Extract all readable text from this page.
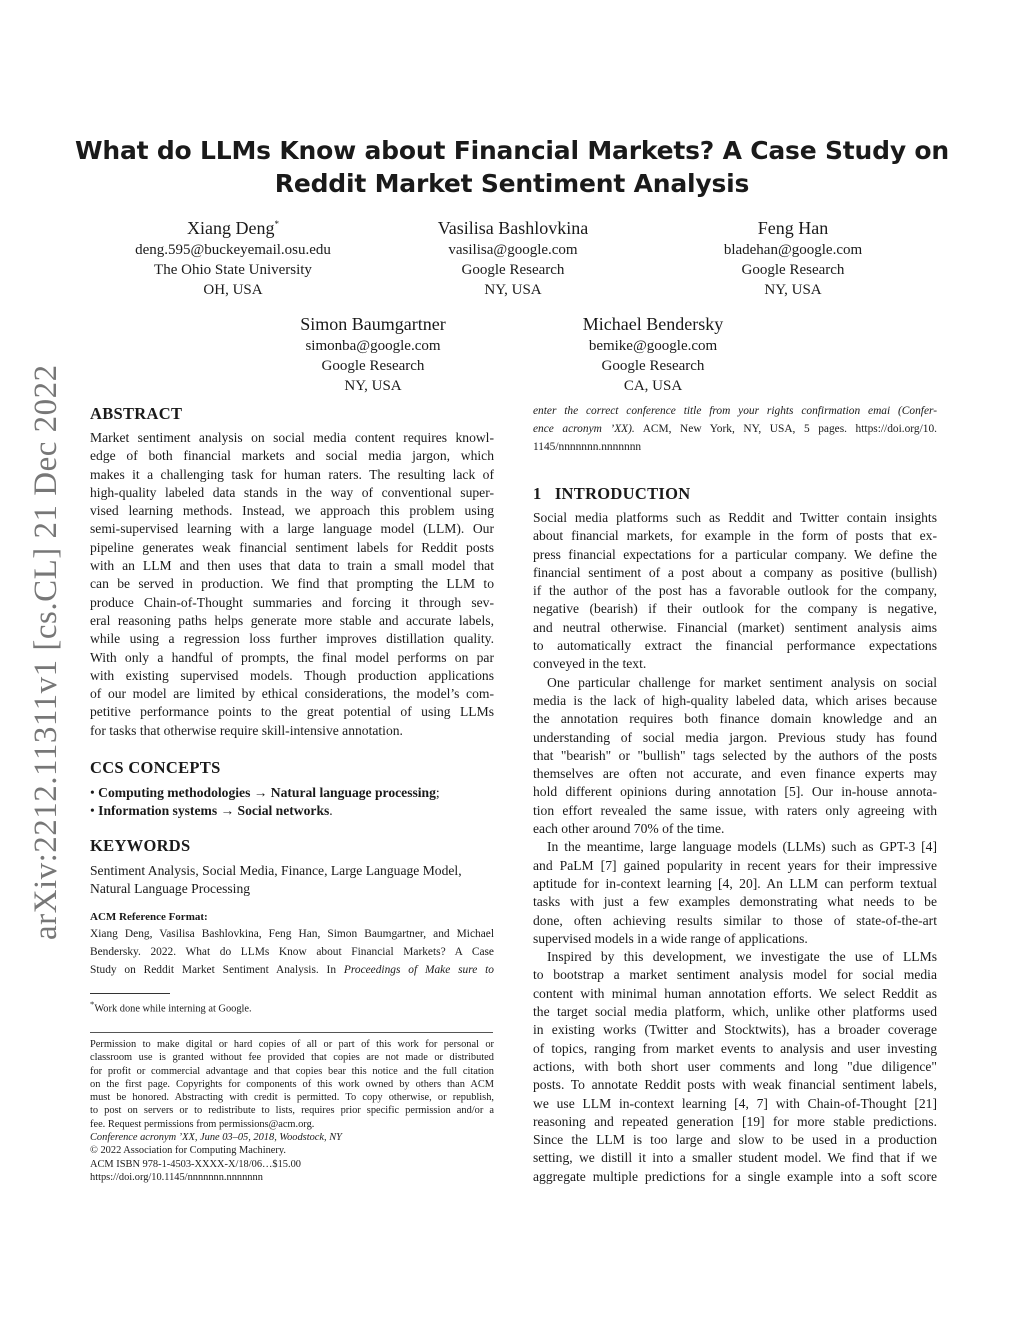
arXiv:2212.11311v1 [cs.CL] 21 Dec 2022
What do LLMs Know about Financial Markets? A Case Study on
Reddit Market Sentiment Analysis
Xiang Deng*
deng.595@buckeyemail.osu.edu
The Ohio State University
OH, USA
Vasilisa Bashlovkina
vasilisa@google.com
Google Research
NY, USA
Feng Han
bladehan@google.com
Google Research
NY, USA
Simon Baumgartner
simonba@google.com
Google Research
NY, USA
Michael Bendersky
bemike@google.com
Google Research
CA, USA
ABSTRACT
Market sentiment analysis on social media content requires knowl-
edge of both financial markets and social media jargon, which
makes it a challenging task for human raters. The resulting lack of
high-quality labeled data stands in the way of conventional super-
vised learning methods. Instead, we approach this problem using
semi-supervised learning with a large language model (LLM). Our
pipeline generates weak financial sentiment labels for Reddit posts
with an LLM and then uses that data to train a small model that
can be served in production. We find that prompting the LLM to
produce Chain-of-Thought summaries and forcing it through sev-
eral reasoning paths helps generate more stable and accurate labels,
while using a regression loss further improves distillation quality.
With only a handful of prompts, the final model performs on par
with existing supervised models. Though production applications
of our model are limited by ethical considerations, the model’s com-
petitive performance points to the great potential of using LLMs
for tasks that otherwise require skill-intensive annotation.
CCS CONCEPTS
• Computing methodologies → Natural language processing;
• Information systems → Social networks.
KEYWORDS
Sentiment Analysis, Social Media, Finance, Large Language Model,
Natural Language Processing
ACM Reference Format:
Xiang Deng, Vasilisa Bashlovkina, Feng Han, Simon Baumgartner, and Michael
Bendersky. 2022. What do LLMs Know about Financial Markets? A Case
Study on Reddit Market Sentiment Analysis. In Proceedings of Make sure to
*Work done while interning at Google.
Permission to make digital or hard copies of all or part of this work for personal or
classroom use is granted without fee provided that copies are not made or distributed
for profit or commercial advantage and that copies bear this notice and the full citation
on the first page. Copyrights for components of this work owned by others than ACM
must be honored. Abstracting with credit is permitted. To copy otherwise, or republish,
to post on servers or to redistribute to lists, requires prior specific permission and/or a
fee. Request permissions from permissions@acm.org.
Conference acronym ’XX, June 03–05, 2018, Woodstock, NY
© 2022 Association for Computing Machinery.
ACM ISBN 978-1-4503-XXXX-X/18/06…$15.00
https://doi.org/10.1145/nnnnnnn.nnnnnnn
enter the correct conference title from your rights confirmation emai (Confer-
ence acronym ’XX). ACM, New York, NY, USA, 5 pages. https://doi.org/10.
1145/nnnnnnn.nnnnnnn
1   INTRODUCTION
Social media platforms such as Reddit and Twitter contain insights
about financial markets, for example in the form of posts that ex-
press financial expectations for a particular company. We define the
financial sentiment of a post about a company as positive (bullish)
if the author of the post has a favorable outlook for the company,
negative (bearish) if their outlook for the company is negative,
and neutral otherwise. Financial (market) sentiment analysis aims
to automatically extract the financial performance expectations
conveyed in the text.
One particular challenge for market sentiment analysis on social
media is the lack of high-quality labeled data, which arises because
the annotation requires both finance domain knowledge and an
understanding of social media jargon. Previous study has found
that "bearish" or "bullish" tags selected by the authors of the posts
themselves are often not accurate, and even finance experts may
hold different opinions during annotation [5]. Our in-house annota-
tion effort revealed the same issue, with raters only agreeing with
each other around 70% of the time.
In the meantime, large language models (LLMs) such as GPT-3 [4]
and PaLM [7] gained popularity in recent years for their impressive
aptitude for in-context learning [4, 20]. An LLM can perform textual
tasks with just a few examples demonstrating what needs to be
done, often achieving results similar to those of state-of-the-art
supervised models in a wide range of applications.
Inspired by this development, we investigate the use of LLMs
to bootstrap a market sentiment analysis model for social media
content with minimal human annotation efforts. We select Reddit as
the target social media platform, which, unlike other platforms used
in existing works (Twitter and Stocktwits), has a broader coverage
of topics, ranging from market events to analysis and user investing
actions, with both short user comments and long "due diligence"
posts. To annotate Reddit posts with weak financial sentiment labels,
we use LLM in-context learning [4, 7] with Chain-of-Thought [21]
reasoning and repeated generation [19] for more stable predictions.
Since the LLM is too large and slow to be used in a production
setting, we distill it into a smaller student model. We find that if we
aggregate multiple predictions for a single example into a soft score
